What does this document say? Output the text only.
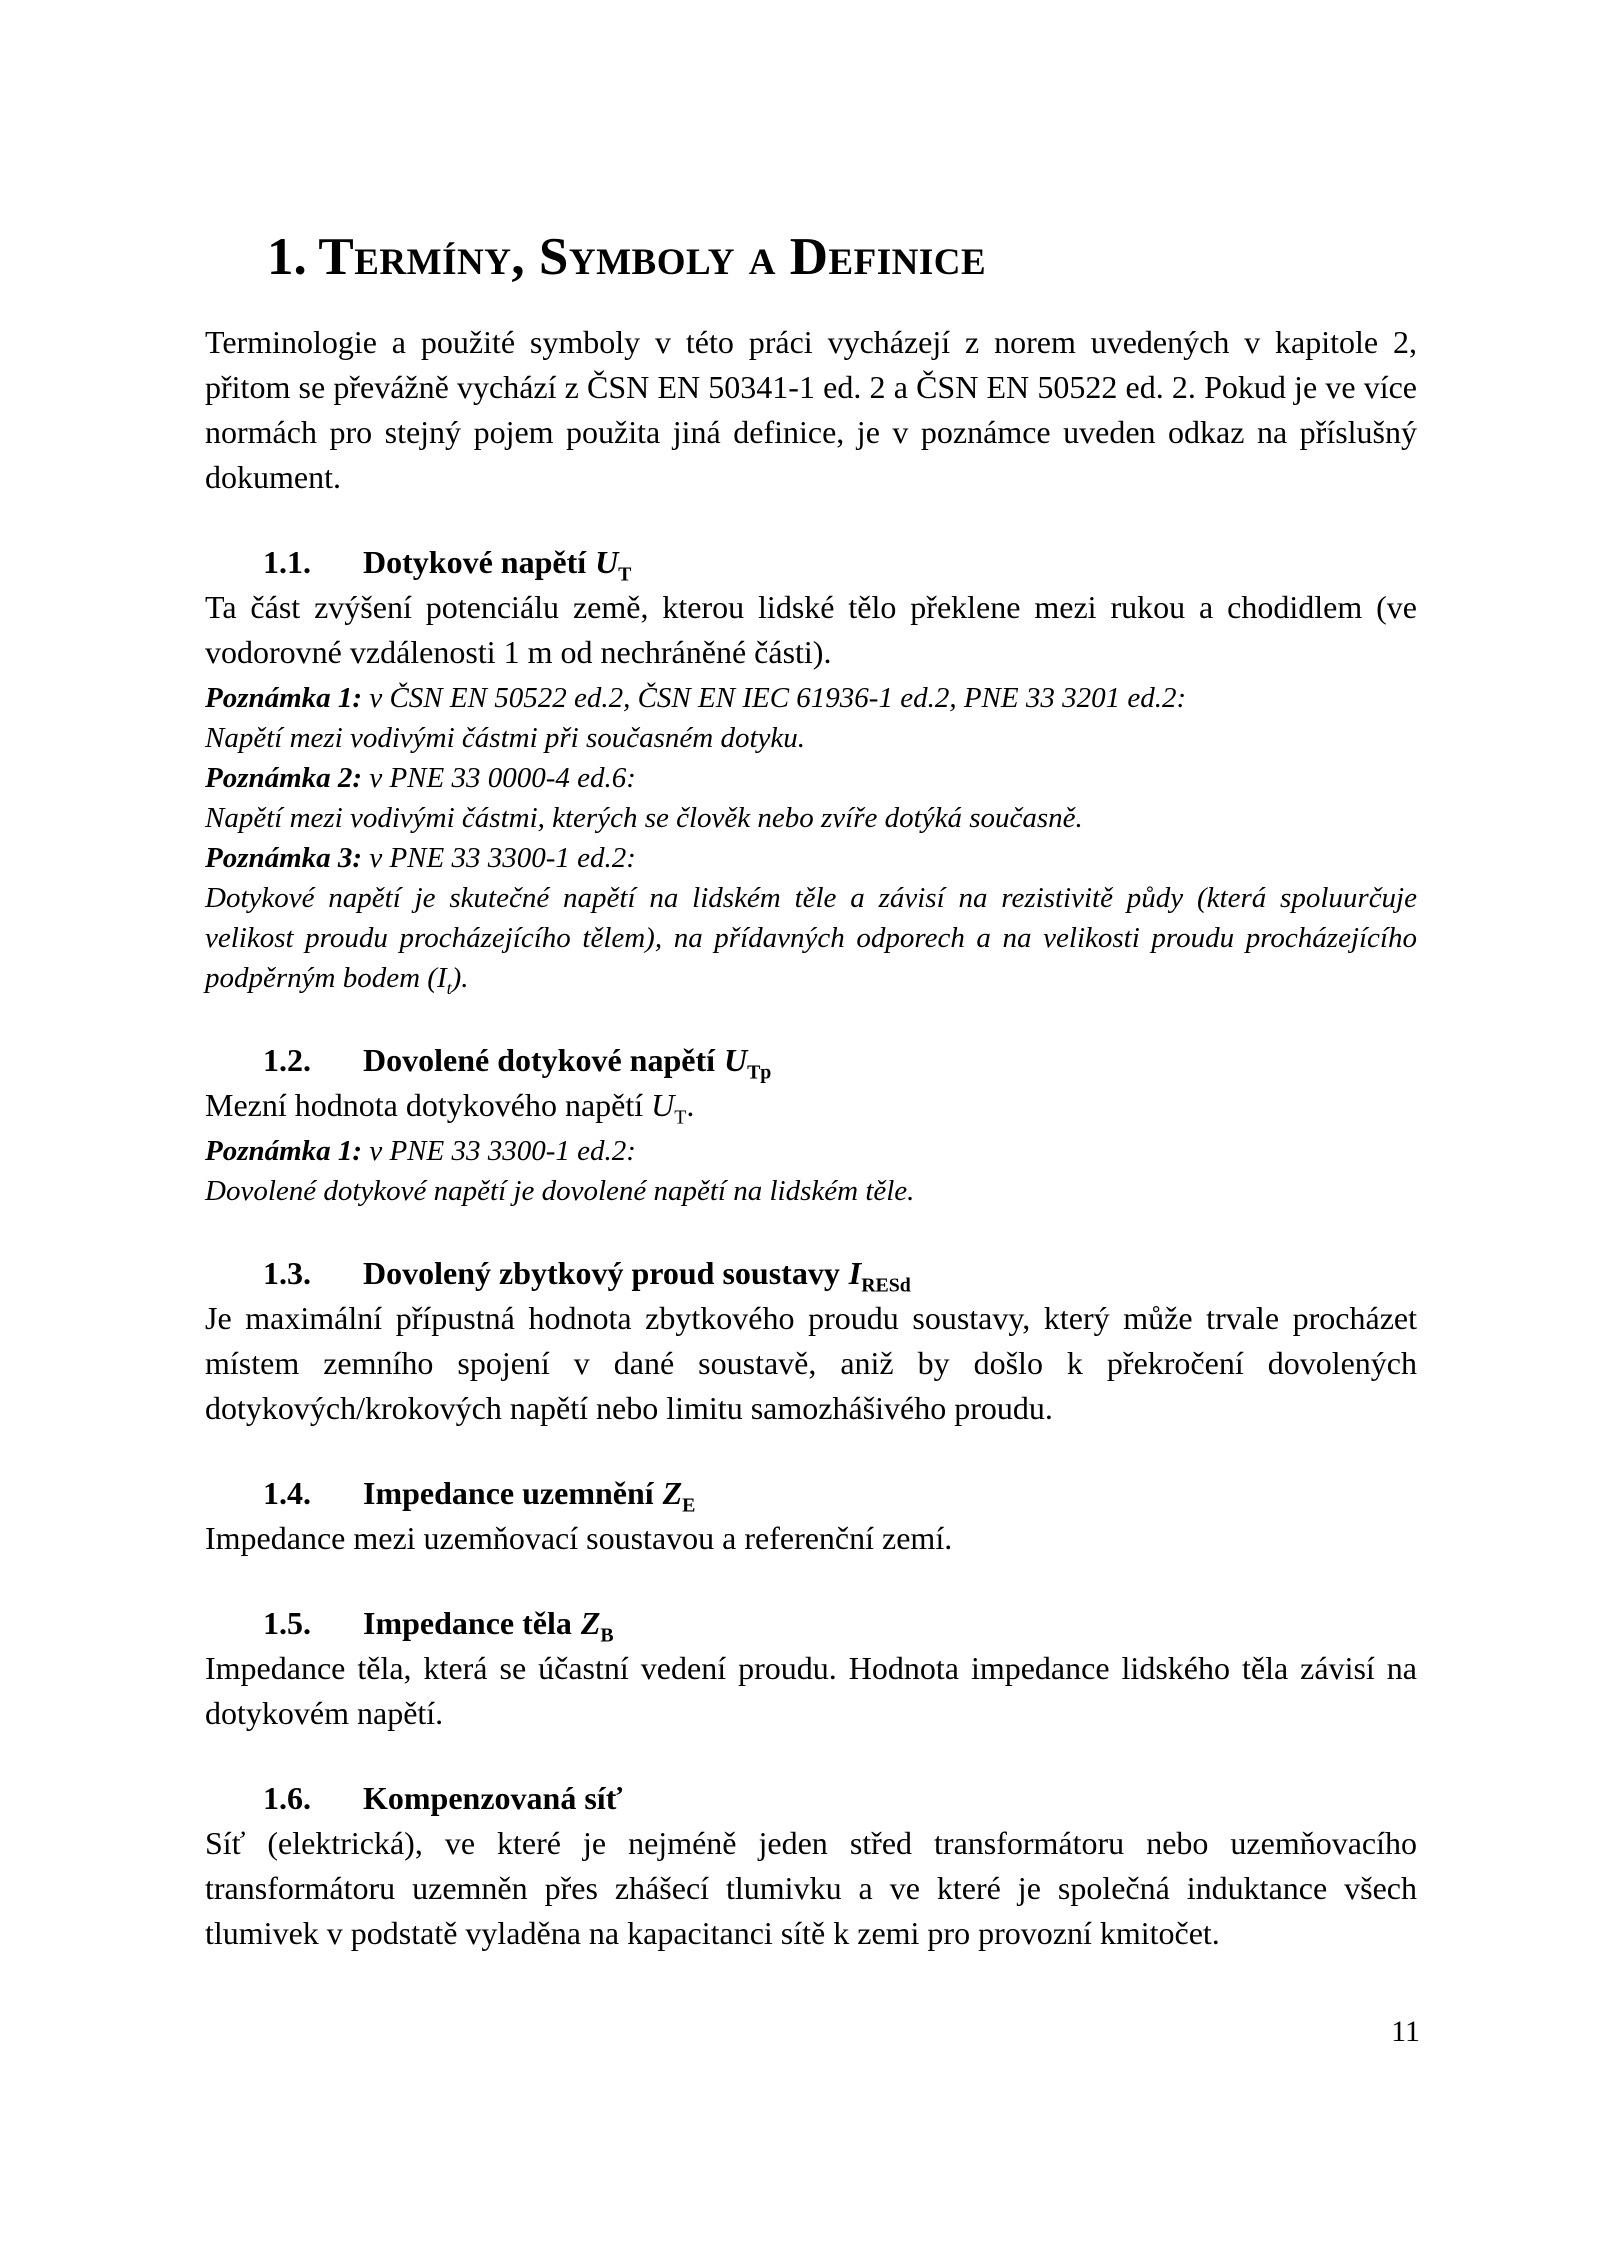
1. Termíny, Symboly a Definice

Terminologie a použité symboly v této práci vycházejí z norem uvedených v kapitole 2, přitom se převážně vychází z ČSN EN 50341-1 ed. 2 a ČSN EN 50522 ed. 2. Pokud je ve více normách pro stejný pojem použita jiná definice, je v poznámce uveden odkaz na příslušný dokument.

1.1. Dotykové napětí $U_T$

Ta část zvýšení potenciálu země, kterou lidské tělo překlene mezi rukou a chodidlem (ve vodorovné vzdálenosti 1 m od nechráněné části).

Poznámka 1: v ČSN EN 50522 ed.2, ČSN EN IEC 61936-1 ed.2, PNE 33 3201 ed.2:

Napětí mezi vodivými částmi při současném dotyku.

Poznámka 2: v PNE 33 0000-4 ed.6:

Napětí mezi vodivými částmi, kterých se člověk nebo zvíře dotýká současně.

Poznámka 3: v PNE 33 3300-1 ed.2:

Dotykové napětí je skutečné napětí na lidském těle a závisí na rezistivitě půdy (která spoluurčuje velikost proudu procházejícího tělem), na přídavných odporech a na velikosti proudu procházejícího podpěrným bodem $(I_t)$.

1.2. Dovolené dotykové napětí $U_{Tp}$

Mezní hodnota dotykového napětí $U_T$.

Poznámka 1: v PNE 33 3300-1 ed.2:

Dovolené dotykové napětí je dovolené napětí na lidském těle.

1.3. Dovolený zbytkový proud soustavy $I_{RESd}$

Je maximální přípustná hodnota zbytkového proudu soustavy, který může trvale procházet místem zemního spojení v dané soustavě, aniž by došlo k překročení dovolených dotykových/krokových napětí nebo limitu samozhášivého proudu.

1.4. Impedance uzemnění $Z_E$

Impedance mezi uzemňovací soustavou a referenční zemí.

1.5. Impedance těla $Z_B$

Impedance těla, která se účastní vedení proudu. Hodnota impedance lidského těla závisí na dotykovém napětí.

1.6. Kompenzovaná síť

Síť (elektrická), ve které je nejméně jeden střed transformátoru nebo uzemňovacího transformátoru uzemněn přes zhášecí tlumivku a ve které je společná induktance všech tlumivek v podstatě vyladěna na kapacitanci sítě k zemi pro provozní kmitočet.

11
